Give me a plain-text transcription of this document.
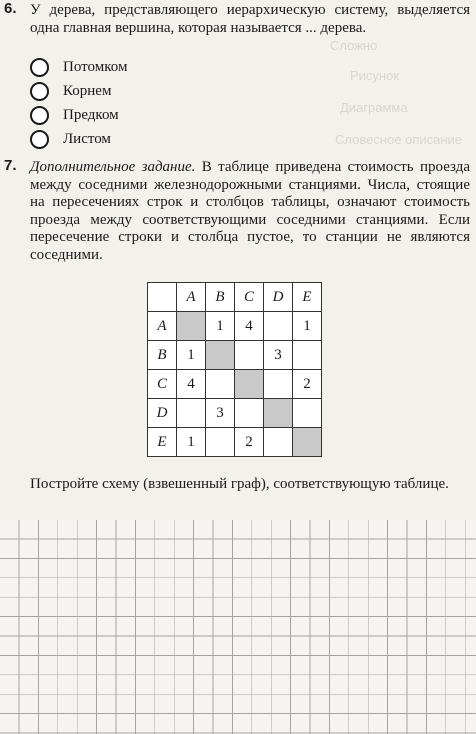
Сложно
Рисунок
Диаграмма
Словесное описание
6. У дерева, представляющего иерархическую систему, выделяется одна главная вершина, которая называется ... дерева.
Потомком
Корнем
Предком
Листом
7. Дополнительное задание. В таблице приведена стоимость проезда между соседними железнодорожными станциями. Числа, стоящие на пересечениях строк и столбцов таблицы, означают стоимость проезда между соответствующими соседними станциями. Если пересечение строки и столбца пустое, то станции не являются соседними.
	A	B	C	D	E
A		1	4		1
B	1			3	
C	4				2
D		3			
E	1		2		
Постройте схему (взвешенный граф), соответствующую таблице.
